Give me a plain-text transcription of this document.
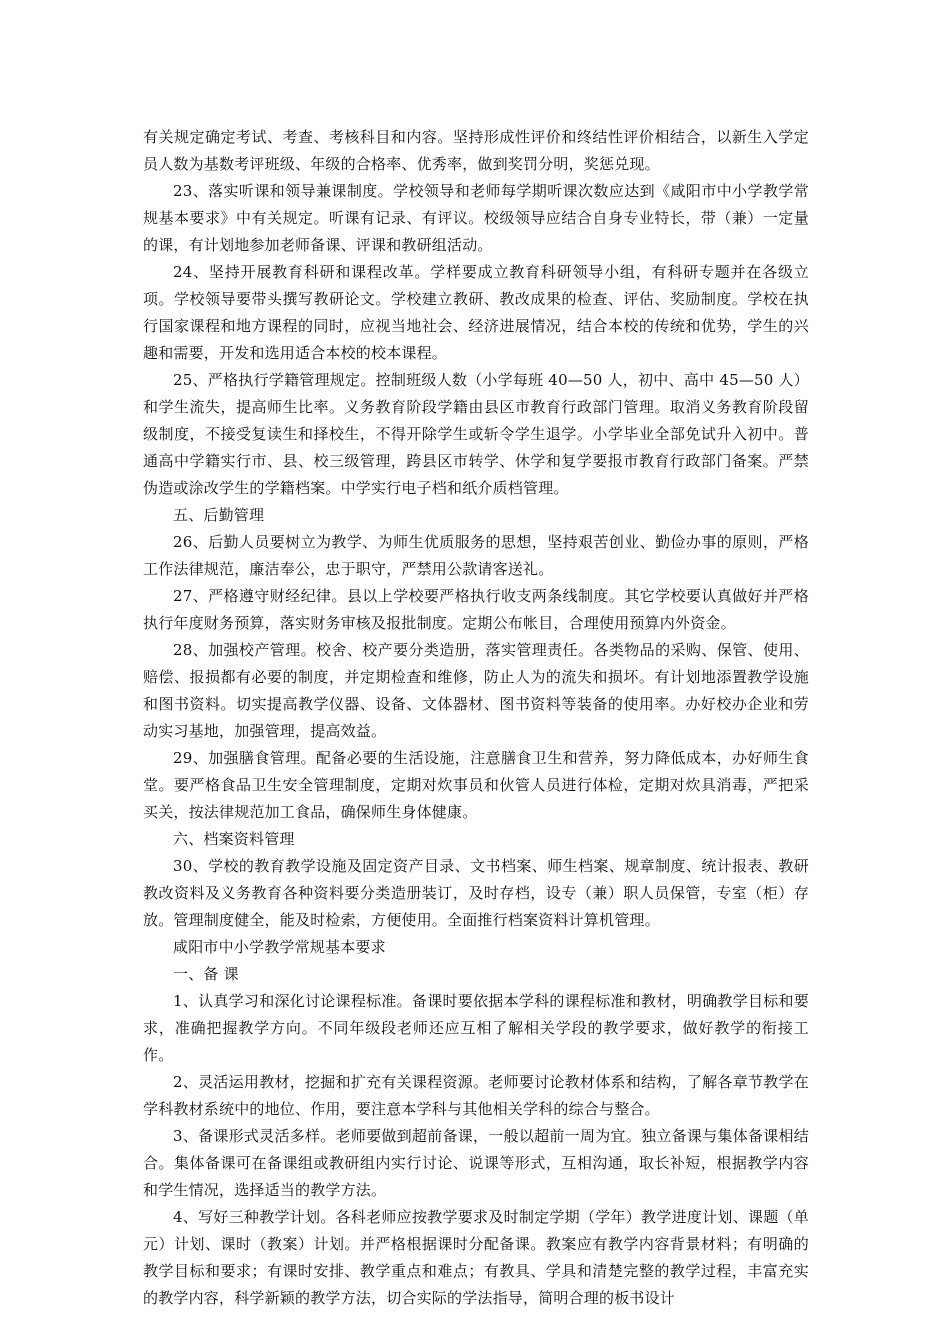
有关规定确定考试、考查、考核科目和内容。坚持形成性评价和终结性评价相结合，以新生入学定员人数为基数考评班级、年级的合格率、优秀率，做到奖罚分明，奖惩兑现。

23、落实听课和领导兼课制度。学校领导和老师每学期听课次数应达到《咸阳市中小学教学常规基本要求》中有关规定。听课有记录、有评议。校级领导应结合自身专业特长，带（兼）一定量的课，有计划地参加老师备课、评课和教研组活动。

24、坚持开展教育科研和课程改革。学样要成立教育科研领导小组，有科研专题并在各级立项。学校领导要带头撰写教研论文。学校建立教研、教改成果的检查、评估、奖励制度。学校在执行国家课程和地方课程的同时，应视当地社会、经济进展情况，结合本校的传统和优势，学生的兴趣和需要，开发和选用适合本校的校本课程。

25、严格执行学籍管理规定。控制班级人数（小学每班 40—50 人，初中、高中 45—50 人）和学生流失，提高师生比率。义务教育阶段学籍由县区市教育行政部门管理。取消义务教育阶段留级制度，不接受复读生和择校生，不得开除学生或斩令学生退学。小学毕业全部免试升入初中。普通高中学籍实行市、县、校三级管理，跨县区市转学、休学和复学要报市教育行政部门备案。严禁伪造或涂改学生的学籍档案。中学实行电子档和纸介质档管理。

五、后勤管理

26、后勤人员要树立为教学、为师生优质服务的思想，坚持艰苦创业、勤俭办事的原则，严格工作法律规范，廉洁奉公，忠于职守，严禁用公款请客送礼。

27、严格遵守财经纪律。县以上学校要严格执行收支两条线制度。其它学校要认真做好并严格执行年度财务预算，落实财务审核及报批制度。定期公布帐目，合理使用预算内外资金。

28、加强校产管理。校舍、校产要分类造册，落实管理责任。各类物品的采购、保管、使用、赔偿、报损都有必要的制度，并定期检查和维修，防止人为的流失和损坏。有计划地添置教学设施和图书资料。切实提高教学仪器、设备、文体器材、图书资料等装备的使用率。办好校办企业和劳动实习基地，加强管理，提高效益。

29、加强膳食管理。配备必要的生活设施，注意膳食卫生和营养，努力降低成本，办好师生食堂。要严格食品卫生安全管理制度，定期对炊事员和伙管人员进行体检，定期对炊具消毒，严把采买关，按法律规范加工食品，确保师生身体健康。

六、档案资料管理

30、学校的教育教学设施及固定资产目录、文书档案、师生档案、规章制度、统计报表、教研教改资料及义务教育各种资料要分类造册装订，及时存档，设专（兼）职人员保管，专室（柜）存放。管理制度健全，能及时检索，方便使用。全面推行档案资料计算机管理。

咸阳市中小学教学常规基本要求

一、备 课

1、认真学习和深化讨论课程标准。备课时要依据本学科的课程标准和教材，明确教学目标和要求，准确把握教学方向。不同年级段老师还应互相了解相关学段的教学要求，做好教学的衔接工作。

2、灵活运用教材，挖掘和扩充有关课程资源。老师要讨论教材体系和结构，了解各章节教学在学科教材系统中的地位、作用，要注意本学科与其他相关学科的综合与整合。

3、备课形式灵活多样。老师要做到超前备课，一般以超前一周为宜。独立备课与集体备课相结合。集体备课可在备课组或教研组内实行讨论、说课等形式，互相沟通，取长补短，根据教学内容和学生情况，选择适当的教学方法。

4、写好三种教学计划。各科老师应按教学要求及时制定学期（学年）教学进度计划、课题（单元）计划、课时（教案）计划。并严格根据课时分配备课。教案应有教学内容背景材料；有明确的教学目标和要求；有课时安排、教学重点和难点；有教具、学具和清楚完整的教学过程，丰富充实的教学内容，科学新颖的教学方法，切合实际的学法指导，简明合理的板书设计
